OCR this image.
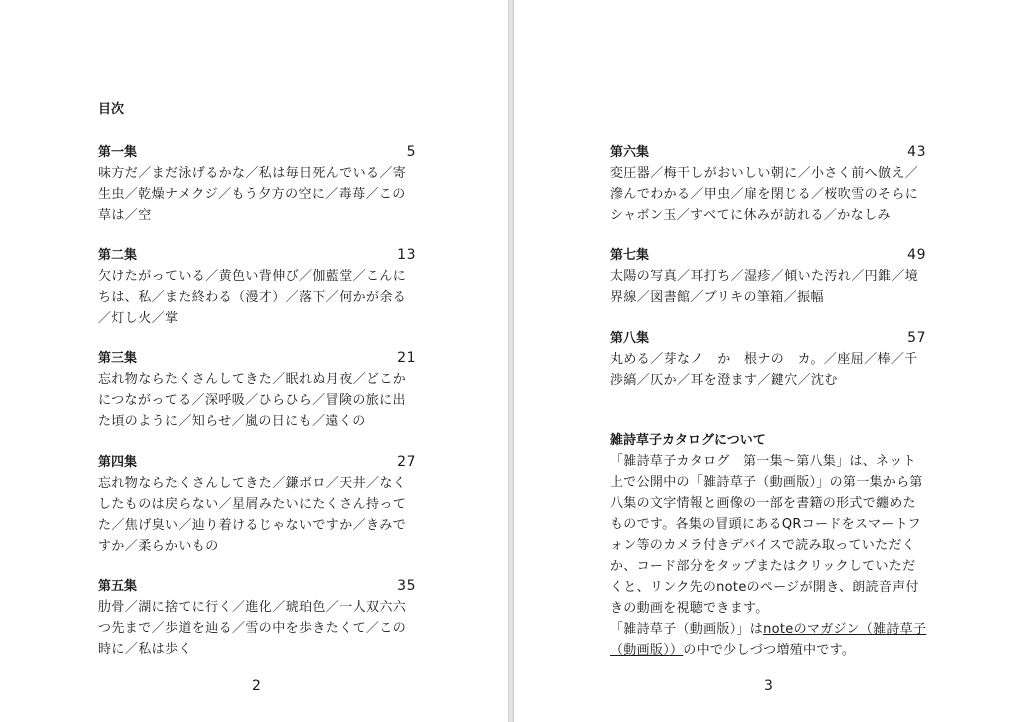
目次
第一集	5

味方だ／まだ泳げるかな／私は毎日死んでいる／寄生虫／乾燥ナメクジ／もう夕方の空に／毒苺／この草は／空

第二集	13

欠けたがっている／黄色い背伸び／伽藍堂／こんにちは、私／また終わる（漫才）／落下／何かが余る／灯し火／掌

第三集	21

忘れ物ならたくさんしてきた／眠れぬ月夜／どこかにつながってる／深呼吸／ひらひら／冒険の旅に出た頃のように／知らせ／嵐の日にも／遠くの

第四集	27

忘れ物ならたくさんしてきた／鎌ボロ／天井／なくしたものは戻らない／星屑みたいにたくさん持ってた／焦げ臭い／辿り着けるじゃないですか／きみですか／柔らかいもの

第五集	35

肋骨／湖に捨てに行く／進化／琥珀色／一人双六六つ先まで／歩道を辿る／雪の中を歩きたくて／この時に／私は歩く

2
第六集	43

変圧器／梅干しがおいしい朝に／小さく前へ倣え／滲んでわかる／甲虫／扉を閉じる／桜吹雪のそらにシャボン玉／すべてに休みが訪れる／かなしみ

第七集	49

太陽の写真／耳打ち／湿疹／傾いた汚れ／円錐／境界線／図書館／ブリキの筆箱／振幅

第八集	57

丸める／芽なノ　か　根ナの　カ。／座屈／棒／千渉縞／仄か／耳を澄ます／鍵穴／沈む

雑詩草子カタログについて

「雑詩草子カタログ　第一集〜第八集」は、ネット上で公開中の「雑詩草子（動画版）」の第一集から第八集の文字情報と画像の一部を書籍の形式で纏めたものです。各集の冒頭にあるQRコードをスマートフォン等のカメラ付きデバイスで読み取っていただくか、コード部分をタップまたはクリックしていただくと、リンク先のnoteのページが開き、朗読音声付きの動画を視聴できます。

「雑詩草子（動画版）」はnoteのマガジン（雑詩草子（動画版））の中で少しづつ増殖中です。

3
